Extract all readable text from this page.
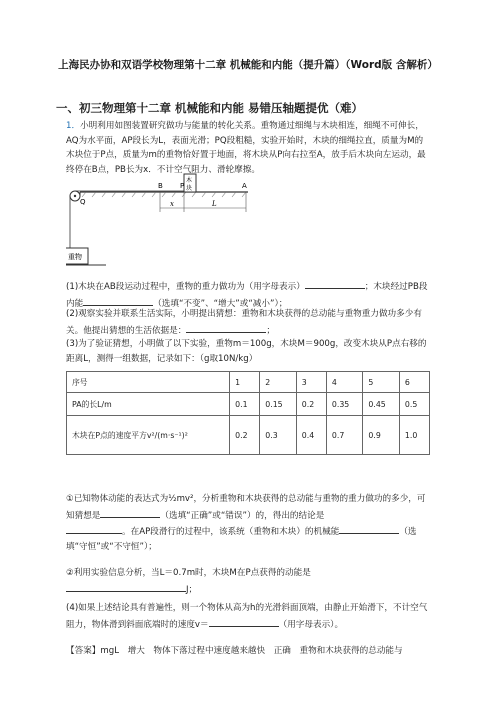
上海民办协和双语学校物理第十二章 机械能和内能（提升篇）（Word版 含解析）
一、初三物理第十二章 机械能和内能 易错压轴题提优（难）
1．小明利用如图装置研究做功与能量的转化关系。重物通过细绳与木块相连，细绳不可伸长，AQ为水平面，AP段长为L，表面光滑；PQ段粗糙，实验开始时，木块的细绳拉直，质量为M的木块位于P点，质量为m的重物恰好置于地面，将木块从P向右拉至A，放手后木块向左运动，最终停在B点，PB长为x．不计空气阻力、滑轮摩擦。
重物
木
块
Q
B P	A
x	L
(1)木块在AB段运动过程中，重物的重力做功为（用字母表示）	；木块经过PB段内能	（选填“不变”、“增大”或“减小”）；
(2)观察实验并联系生活实际，小明提出猜想：重物和木块获得的总动能与重物重力做功多少有关。他提出猜想的生活依据是：	；
(3)为了验证猜想，小明做了以下实验，重物m＝100g，木块M＝900g，改变木块从P点右移的距离L，测得一组数据，记录如下：（g取10N/kg）
序号	1	2	3	4	5	6
PA的长L/m	0.1	0.15	0.2	0.35	0.45	0.5
木块在P点的速度平方v²/(m·s⁻¹)²	0.2	0.3	0.4	0.7	0.9	1.0
①已知物体动能的表达式为½mv²，分析重物和木块获得的总动能与重物的重力做功的多少，可知猜想是	（选填“正确”或“错误”）的，得出的结论是
。在AP段滑行的过程中，该系统（重物和木块）的机械能	（选填“守恒”或“不守恒”）；
②利用实验信息分析，当L＝0.7m时，木块M在P点获得的动能是
J；
(4)如果上述结论具有普遍性，则一个物体从高为h的光滑斜面顶端，由静止开始滑下，不计空气阻力，物体滑到斜面底端时的速度v＝	（用字母表示）。
【答案】mgL　增大　物体下落过程中速度越来越快　正确　重物和木块获得的总动能与
